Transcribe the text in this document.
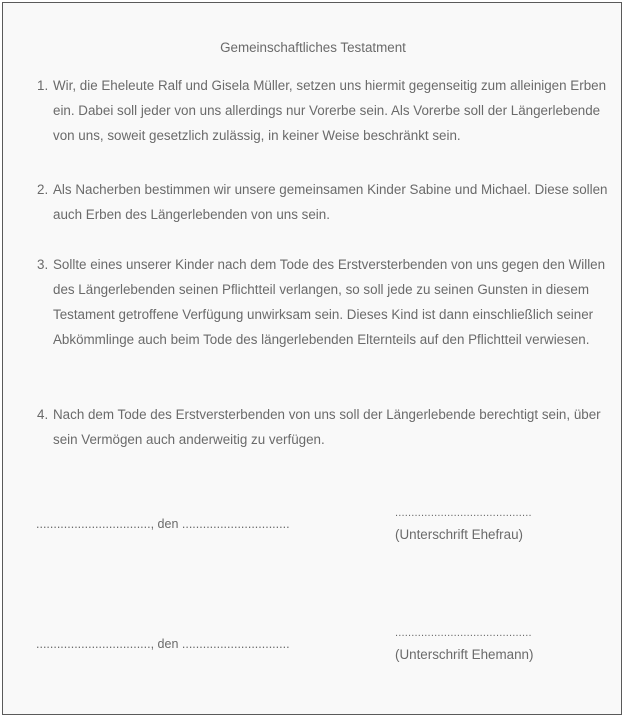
Gemeinschaftliches Testatment
1. Wir, die Eheleute Ralf und Gisela Müller, setzen uns hiermit gegenseitig zum alleinigen Erben ein. Dabei soll jeder von uns allerdings nur Vorerbe sein. Als Vorerbe soll der Längerlebende von uns, soweit gesetzlich zulässig, in keiner Weise beschränkt sein.
2. Als Nacherben bestimmen wir unsere gemeinsamen Kinder Sabine und Michael. Diese sollen auch Erben des Längerlebenden von uns sein.
3. Sollte eines unserer Kinder nach dem Tode des Erstversterbenden von uns gegen den Willen des Längerlebenden seinen Pflichtteil verlangen, so soll jede zu seinen Gunsten in diesem Testament getroffene Verfügung unwirksam sein. Dieses Kind ist dann einschließlich seiner Abkömmlinge auch beim Tode des längerlebenden Elternteils auf den Pflichtteil verwiesen.
4. Nach dem Tode des Erstversterbenden von uns soll der Längerlebende berechtigt sein, über sein Vermögen auch anderweitig zu verfügen.
................................., den ...............................
..........................................
(Unterschrift Ehefrau)
................................., den ...............................
..........................................
(Unterschrift Ehemann)
